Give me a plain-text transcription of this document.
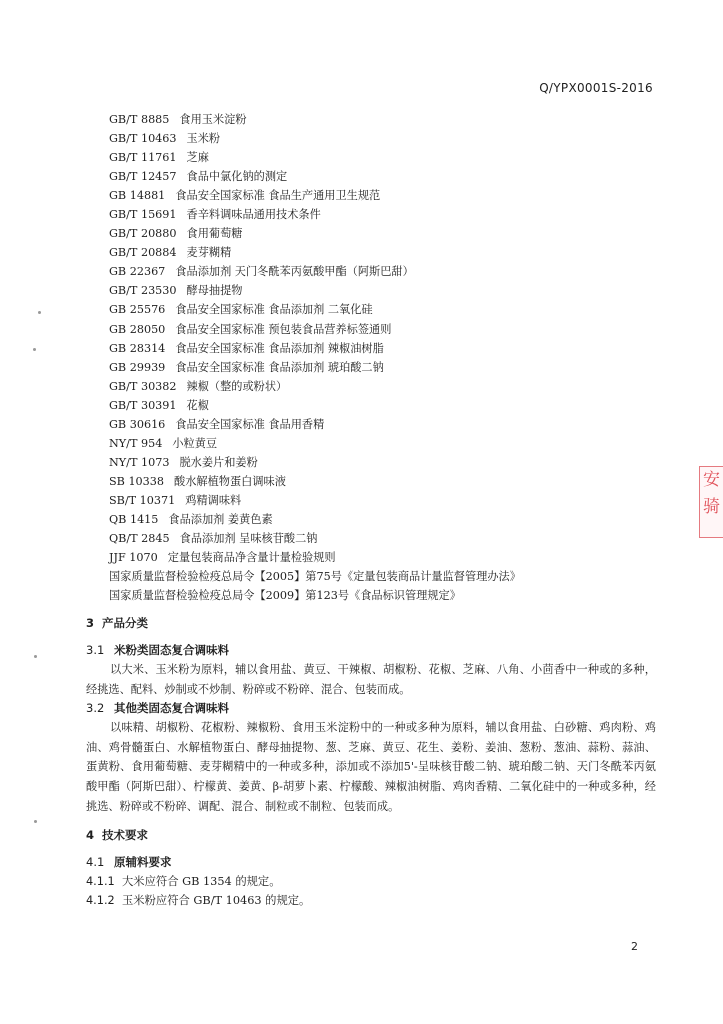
Q/YPX0001S-2016
GB/T 8885 食用玉米淀粉
GB/T 10463 玉米粉
GB/T 11761 芝麻
GB/T 12457 食品中氯化钠的测定
GB 14881 食品安全国家标准 食品生产通用卫生规范
GB/T 15691 香辛料调味品通用技术条件
GB/T 20880 食用葡萄糖
GB/T 20884 麦芽糊精
GB 22367 食品添加剂 天门冬酰苯丙氨酸甲酯（阿斯巴甜）
GB/T 23530 酵母抽提物
GB 25576 食品安全国家标准 食品添加剂 二氧化硅
GB 28050 食品安全国家标准 预包装食品营养标签通则
GB 28314 食品安全国家标准 食品添加剂 辣椒油树脂
GB 29939 食品安全国家标准 食品添加剂 琥珀酸二钠
GB/T 30382 辣椒（整的或粉状）
GB/T 30391 花椒
GB 30616 食品安全国家标准 食品用香精
NY/T 954 小粒黄豆
NY/T 1073 脱水姜片和姜粉
SB 10338 酸水解植物蛋白调味液
SB/T 10371 鸡精调味料
QB 1415 食品添加剂 姜黄色素
QB/T 2845 食品添加剂 呈味核苷酸二钠
JJF 1070 定量包装商品净含量计量检验规则
国家质量监督检验检疫总局令【2005】第75号《定量包装商品计量监督管理办法》
国家质量监督检验检疫总局令【2009】第123号《食品标识管理规定》
3 产品分类
3.1 米粉类固态复合调味料
以大米、玉米粉为原料，辅以食用盐、黄豆、干辣椒、胡椒粉、花椒、芝麻、八角、小茴香中一种或的多种，经挑选、配料、炒制或不炒制、粉碎或不粉碎、混合、包装而成。
3.2 其他类固态复合调味料
以味精、胡椒粉、花椒粉、辣椒粉、食用玉米淀粉中的一种或多种为原料，辅以食用盐、白砂糖、鸡肉粉、鸡油、鸡骨髓蛋白、水解植物蛋白、酵母抽提物、葱、芝麻、黄豆、花生、姜粉、姜油、葱粉、葱油、蒜粉、蒜油、蛋黄粉、食用葡萄糖、麦芽糊精中的一种或多种，添加或不添加5'-呈味核苷酸二钠、琥珀酸二钠、天门冬酰苯丙氨酸甲酯（阿斯巴甜）、柠檬黄、姜黄、β-胡萝卜素、柠檬酸、辣椒油树脂、鸡肉香精、二氧化硅中的一种或多种，经挑选、粉碎或不粉碎、调配、混合、制粒或不制粒、包装而成。
4 技术要求
4.1 原辅料要求
4.1.1 大米应符合 GB 1354 的规定。
4.1.2 玉米粉应符合 GB/T 10463 的规定。
2
安
骑
